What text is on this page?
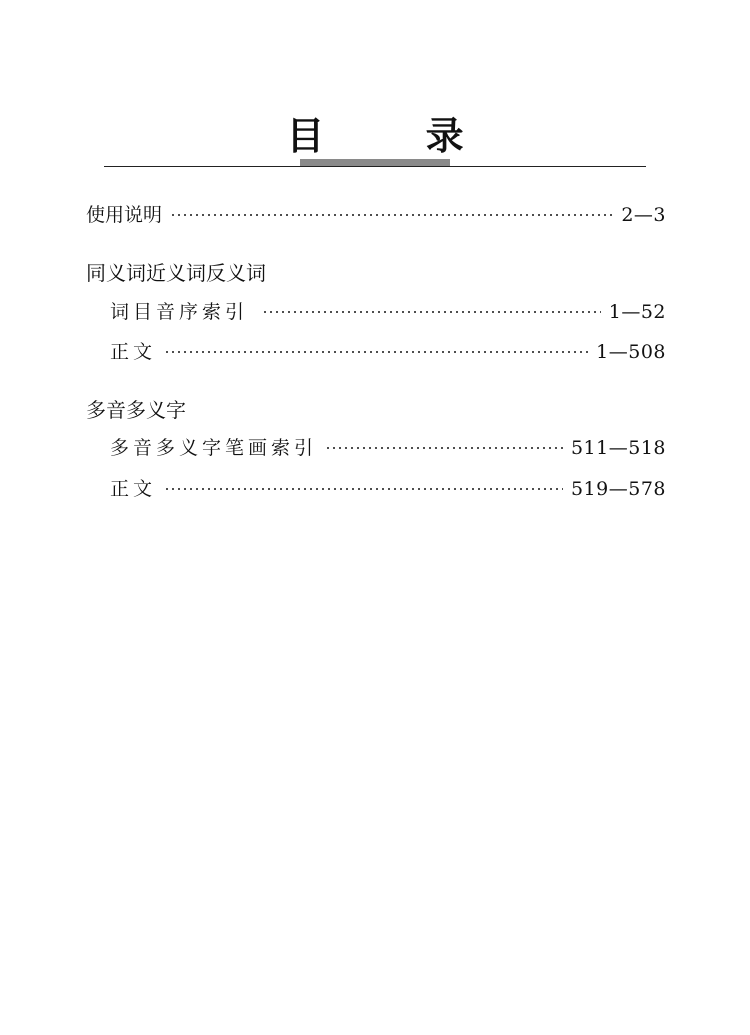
目 录
使用说明	2—3
同义词近义词反义词
词目音序索引	1—52
正文	1—508
多音多义字
多音多义字笔画索引	511—518
正文	519—578
